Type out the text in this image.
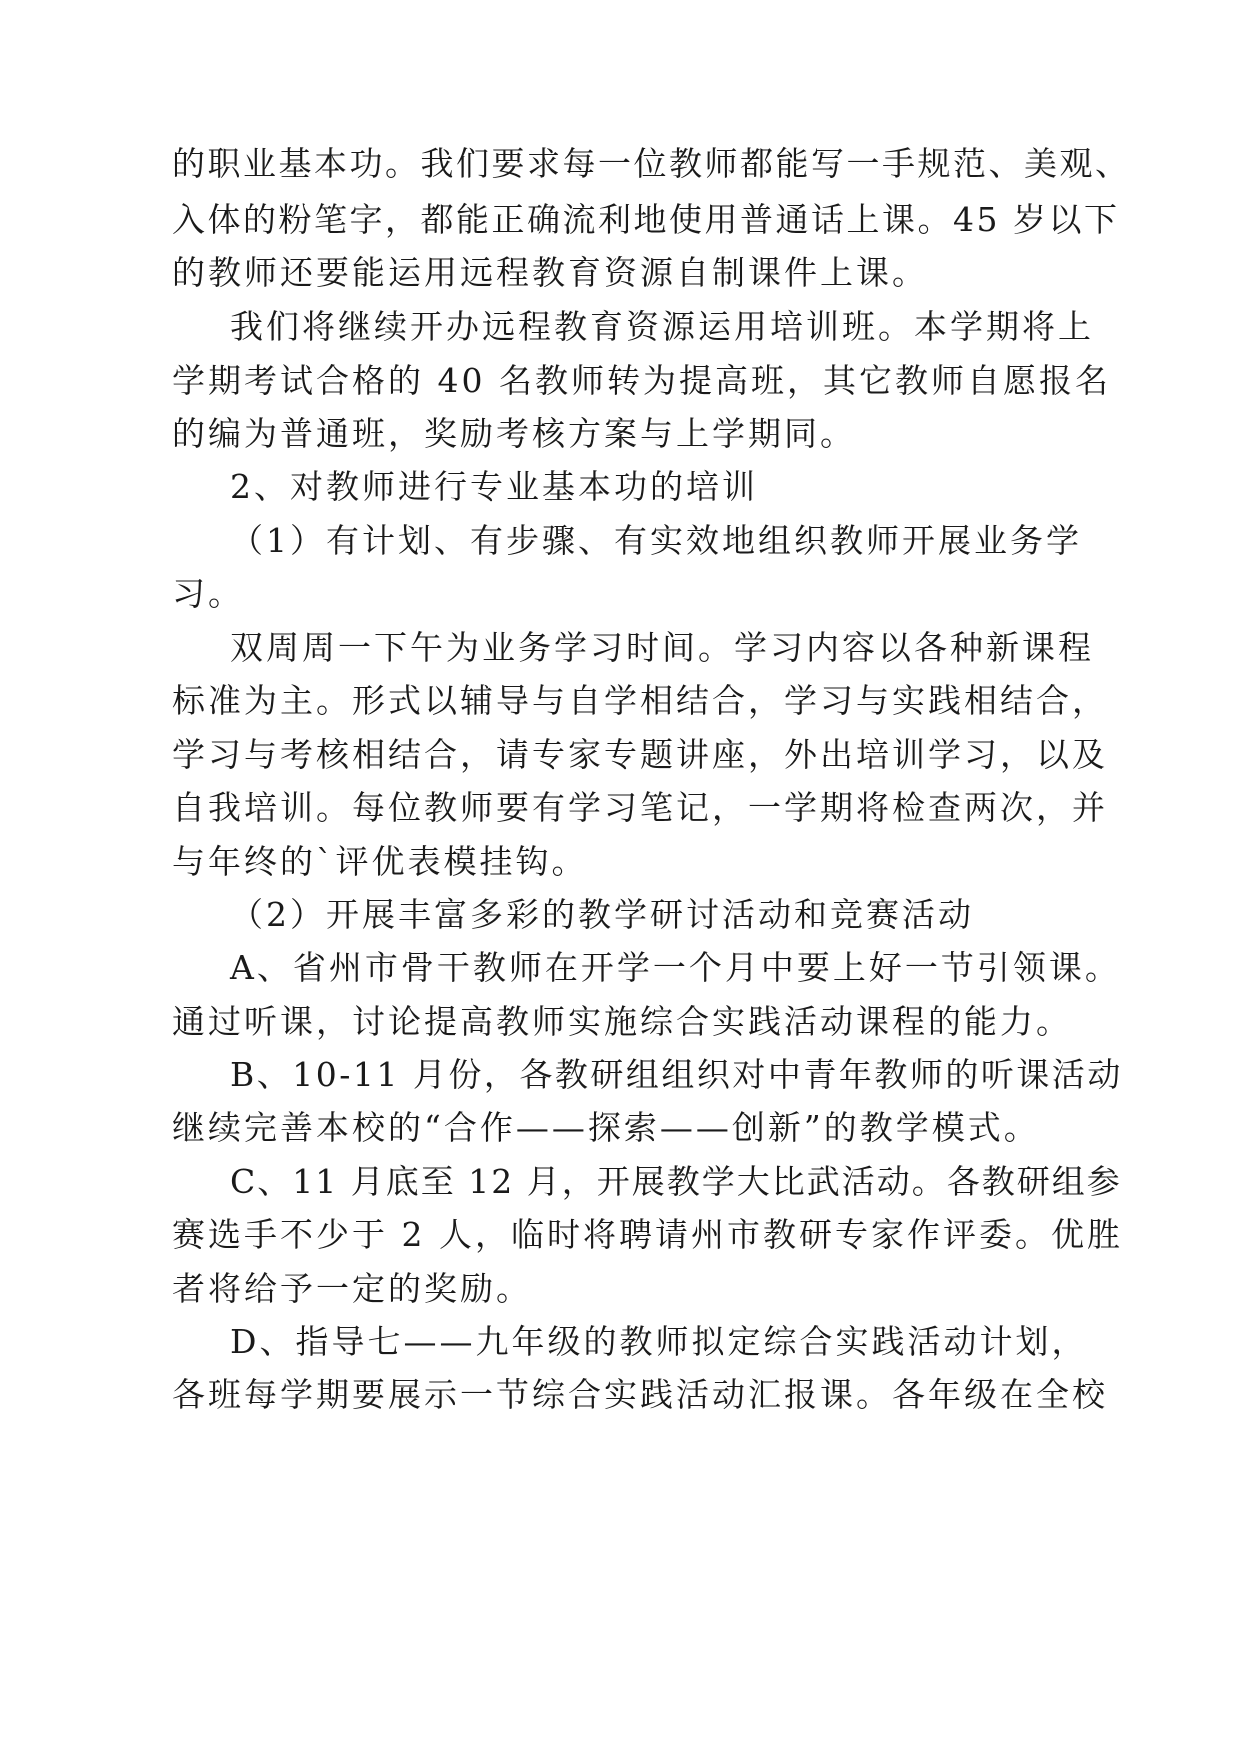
的职业基本功。我们要求每一位教师都能写一手规范、美观、
入体的粉笔字，都能正确流利地使用普通话上课。45 岁以下
的教师还要能运用远程教育资源自制课件上课。
我们将继续开办远程教育资源运用培训班。本学期将上
学期考试合格的 40 名教师转为提高班，其它教师自愿报名
的编为普通班，奖励考核方案与上学期同。
2、对教师进行专业基本功的培训
（1）有计划、有步骤、有实效地组织教师开展业务学
习。
双周周一下午为业务学习时间。学习内容以各种新课程
标准为主。形式以辅导与自学相结合，学习与实践相结合，
学习与考核相结合，请专家专题讲座，外出培训学习，以及
自我培训。每位教师要有学习笔记，一学期将检查两次，并
与年终的`评优表模挂钩。
（2）开展丰富多彩的教学研讨活动和竞赛活动
A、省州市骨干教师在开学一个月中要上好一节引领课。
通过听课，讨论提高教师实施综合实践活动课程的能力。
B、10-11 月份，各教研组组织对中青年教师的听课活动
继续完善本校的“合作——探索——创新”的教学模式。
C、11 月底至 12 月，开展教学大比武活动。各教研组参
赛选手不少于 2 人，临时将聘请州市教研专家作评委。优胜
者将给予一定的奖励。
D、指导七——九年级的教师拟定综合实践活动计划，
各班每学期要展示一节综合实践活动汇报课。各年级在全校
